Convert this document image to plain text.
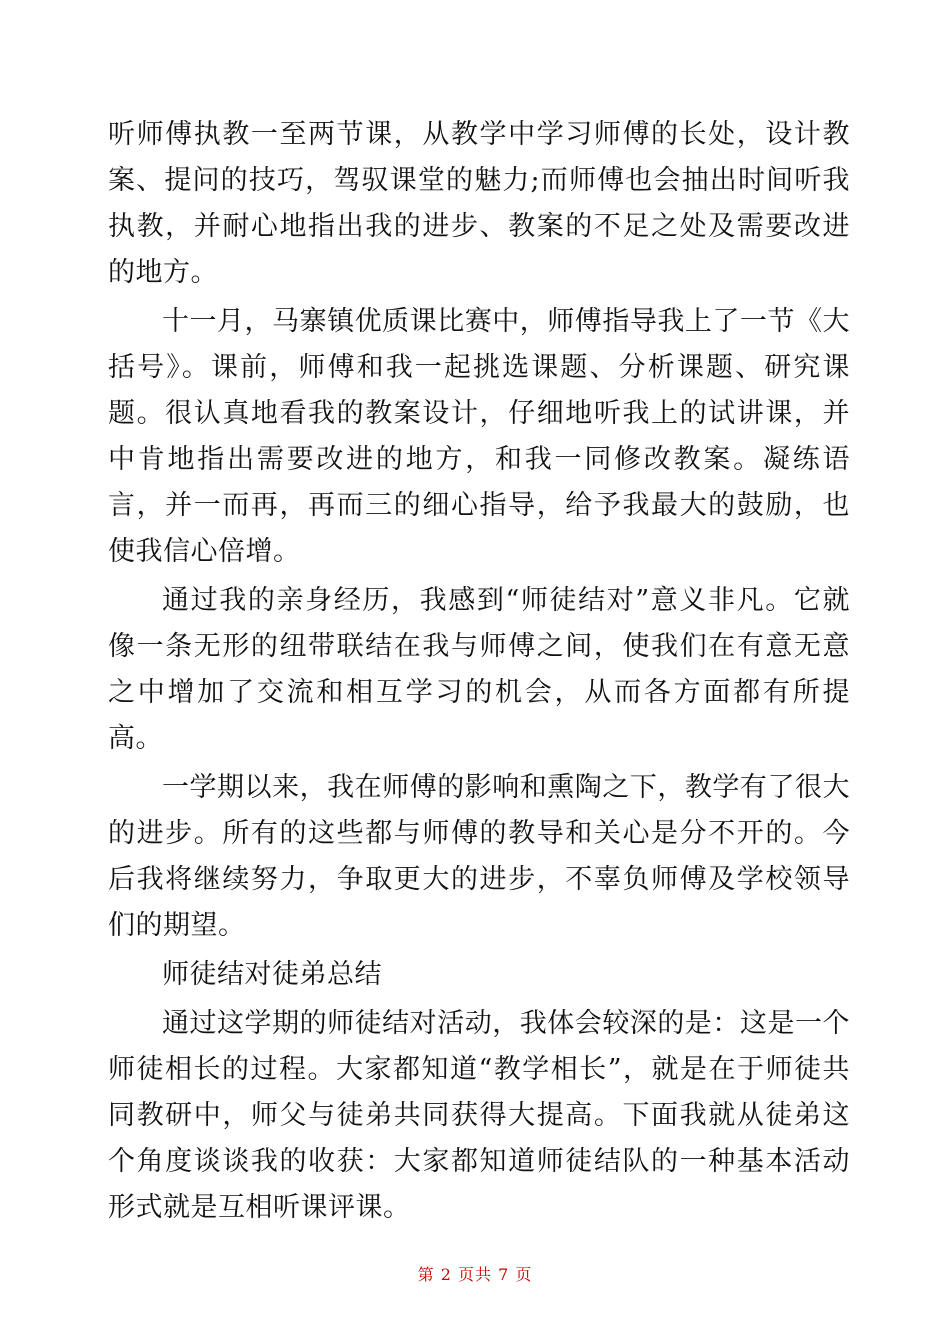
听师傅执教一至两节课，从教学中学习师傅的长处，设计教案、提问的技巧，驾驭课堂的魅力;而师傅也会抽出时间听我执教，并耐心地指出我的进步、教案的不足之处及需要改进的地方。

十一月，马寨镇优质课比赛中，师傅指导我上了一节《大括号》。课前，师傅和我一起挑选课题、分析课题、研究课题。很认真地看我的教案设计，仔细地听我上的试讲课，并中肯地指出需要改进的地方，和我一同修改教案。凝练语言，并一而再，再而三的细心指导，给予我最大的鼓励，也使我信心倍增。

通过我的亲身经历，我感到“师徒结对”意义非凡。它就像一条无形的纽带联结在我与师傅之间，使我们在有意无意之中增加了交流和相互学习的机会，从而各方面都有所提高。

一学期以来，我在师傅的影响和熏陶之下，教学有了很大的进步。所有的这些都与师傅的教导和关心是分不开的。今后我将继续努力，争取更大的进步，不辜负师傅及学校领导们的期望。

师徒结对徒弟总结

通过这学期的师徒结对活动，我体会较深的是：这是一个师徒相长的过程。大家都知道“教学相长”，就是在于师徒共同教研中，师父与徒弟共同获得大提高。下面我就从徒弟这个角度谈谈我的收获：大家都知道师徒结队的一种基本活动形式就是互相听课评课。

第 2 页共 7 页
